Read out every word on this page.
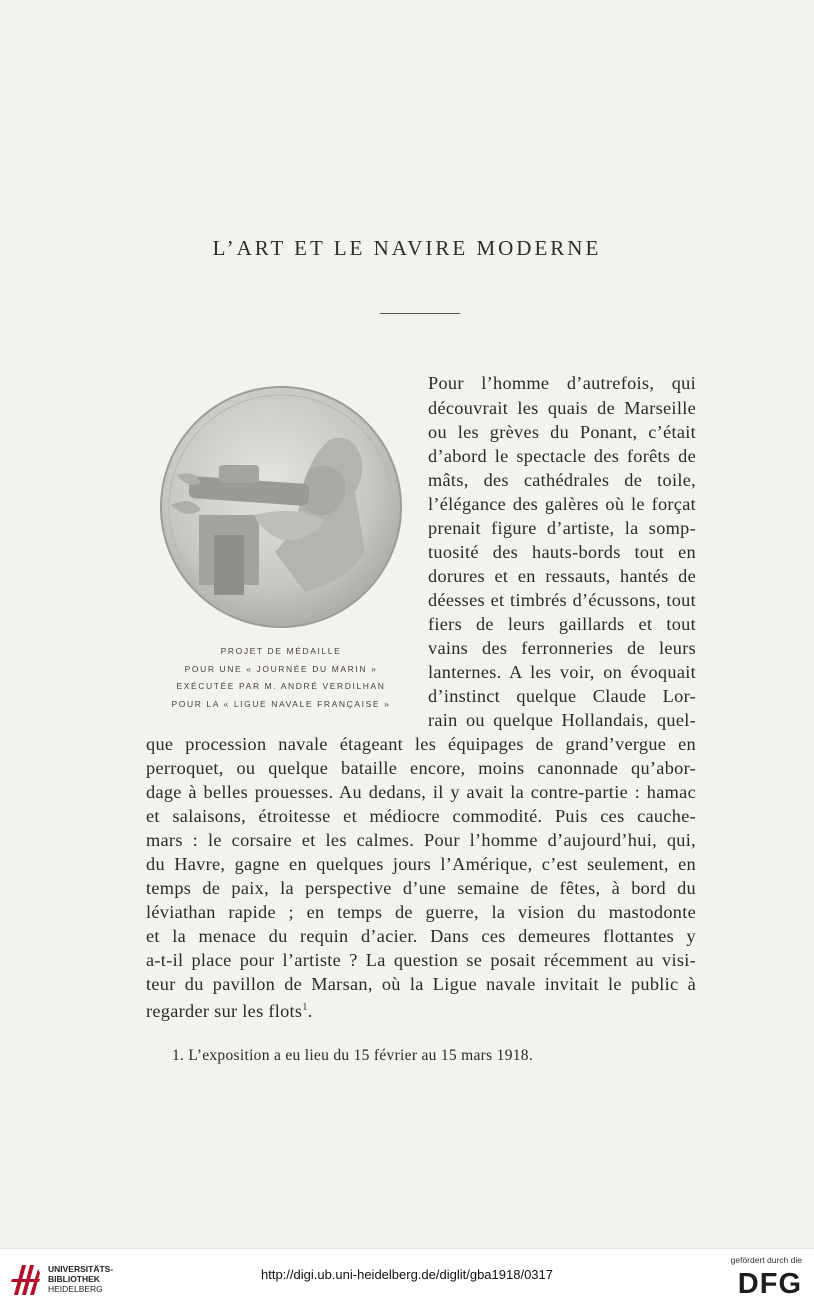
L’ART ET LE NAVIRE MODERNE
PROJET DE MÉDAILLE
POUR UNE « JOURNÉE DU MARIN »
EXÉCUTÉE PAR M. ANDRÉ VERDILHAN
POUR LA « LIGUE NAVALE FRANÇAISE »
Pour l’homme d’autrefois, qui
découvrait les quais de Marseille
ou les grèves du Ponant, c’était
d’abord le spectacle des forêts de
mâts, des cathédrales de toile,
l’élégance des galères où le forçat
prenait figure d’artiste, la somp-
tuosité des hauts-bords tout en
dorures et en ressauts, hantés de
déesses et timbrés d’écussons, tout
fiers de leurs gaillards et tout
vains des ferronneries de leurs
lanternes. A les voir, on évoquait
d’instinct quelque Claude Lor-
rain ou quelque Hollandais, quel-
que procession navale étageant les équipages de grand’vergue en
perroquet, ou quelque bataille encore, moins canonnade qu’abor-
dage à belles prouesses. Au dedans, il y avait la contre-partie : hamac
et salaisons, étroitesse et médiocre commodité. Puis ces cauche-
mars : le corsaire et les calmes. Pour l’homme d’aujourd’hui, qui,
du Havre, gagne en quelques jours l’Amérique, c’est seulement, en
temps de paix, la perspective d’une semaine de fêtes, à bord du
léviathan rapide ; en temps de guerre, la vision du mastodonte
et la menace du requin d’acier. Dans ces demeures flottantes y
a-t-il place pour l’artiste ? La question se posait récemment au visi-
teur du pavillon de Marsan, où la Ligue navale invitait le public à
regarder sur les flots$^1$.
1. L’exposition a eu lieu du 15 février au 15 mars 1918.
UNIVERSITÄTS-
BIBLIOTHEK
HEIDELBERG
http://digi.ub.uni-heidelberg.de/diglit/gba1918/0317
gefördert durch die
DFG
